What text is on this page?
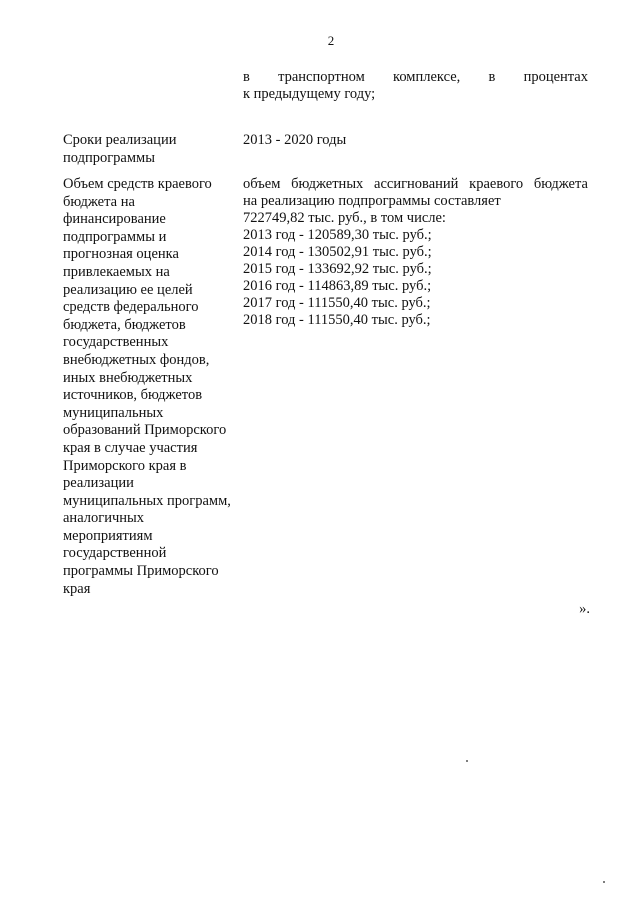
2
в транспортном комплексе, в процентах
к предыдущему году;
Сроки реализации
подпрограммы
2013 - 2020 годы
Объем средств краевого
бюджета на
финансирование
подпрограммы и
прогнозная оценка
привлекаемых на
реализацию ее целей
средств федерального
бюджета, бюджетов
государственных
внебюджетных фондов,
иных внебюджетных
источников, бюджетов
муниципальных
образований Приморского
края в случае участия
Приморского края в
реализации
муниципальных программ,
аналогичных
мероприятиям
государственной
программы Приморского
края
объем бюджетных ассигнований краевого бюджета
на реализацию подпрограммы составляет
722749,82 тыс. руб., в том числе:
2013 год - 120589,30 тыс. руб.;
2014 год - 130502,91 тыс. руб.;
2015 год - 133692,92 тыс. руб.;
2016 год - 114863,89 тыс. руб.;
2017 год - 111550,40 тыс. руб.;
2018 год - 111550,40 тыс. руб.;
».
